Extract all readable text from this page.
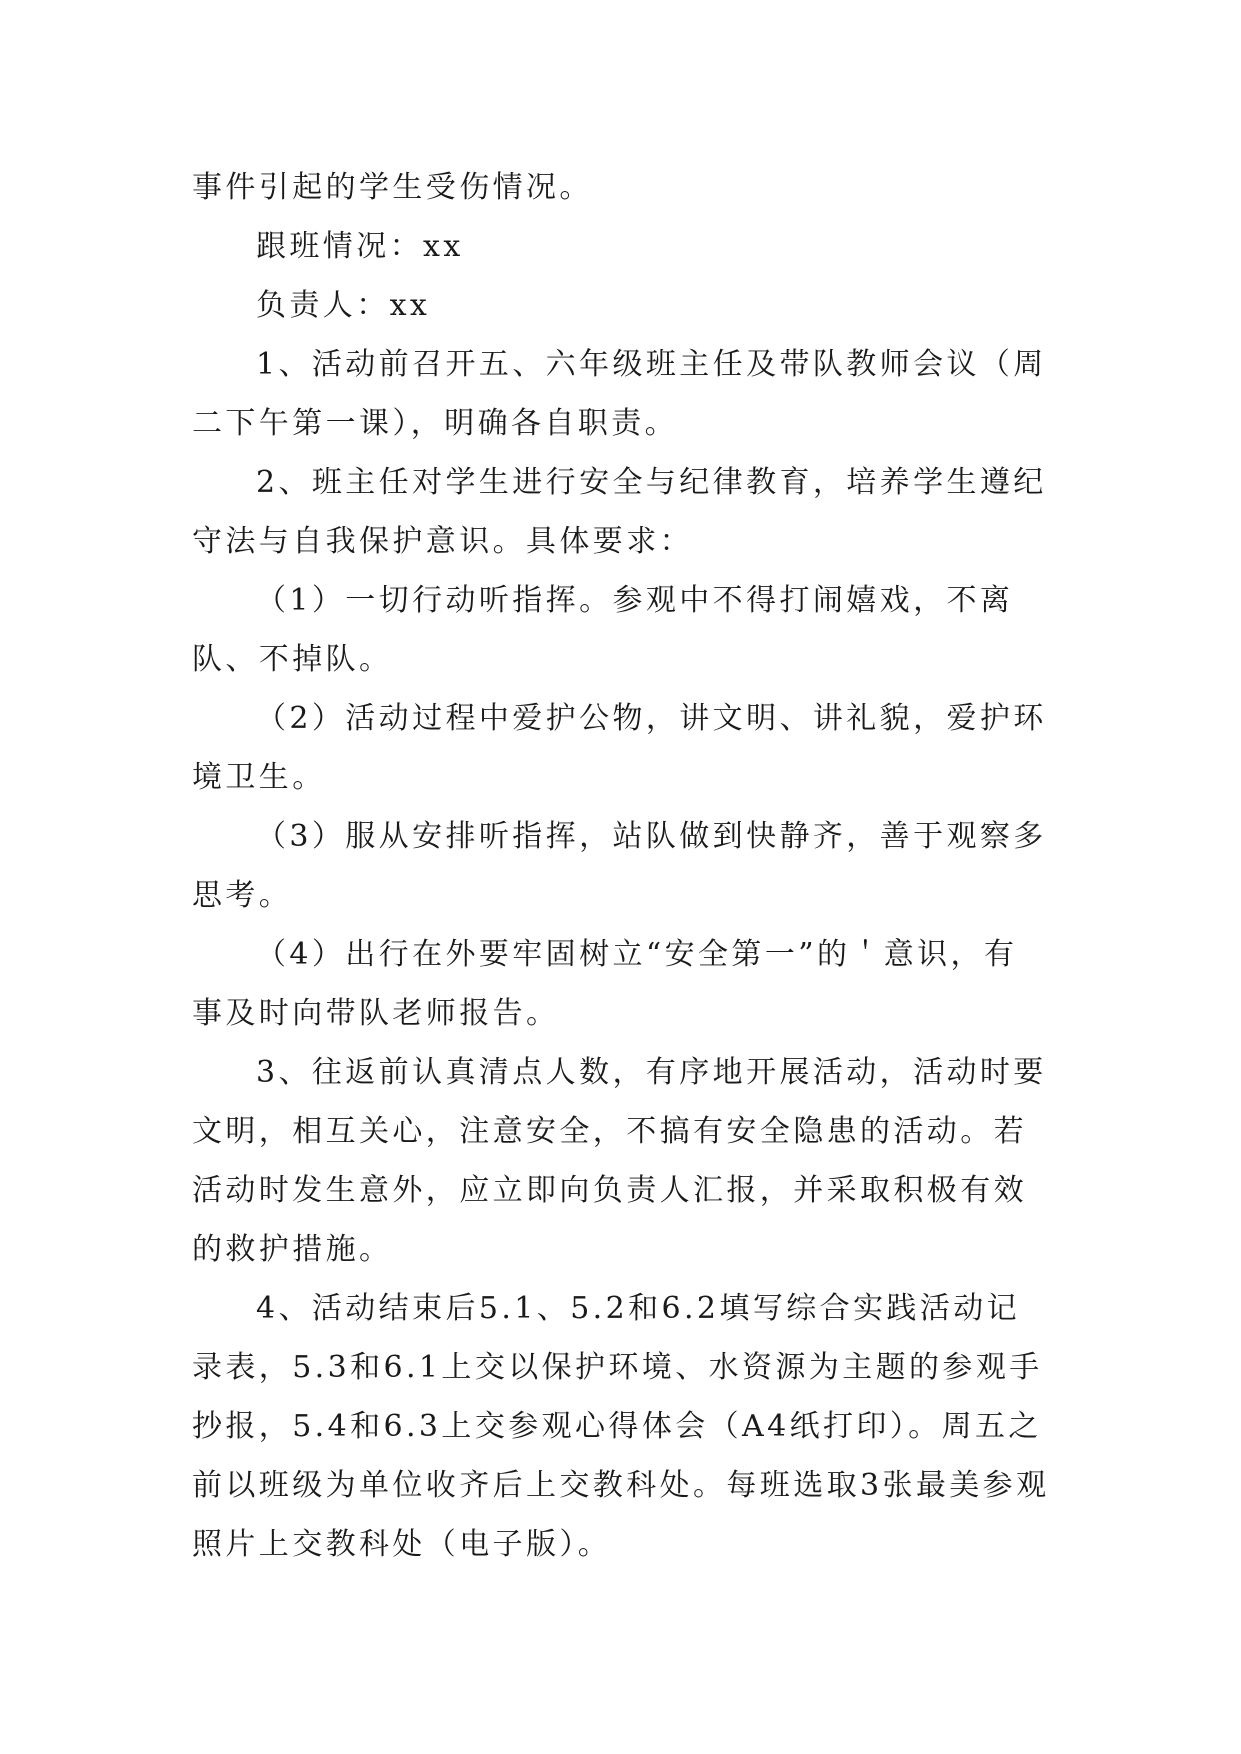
事件引起的学生受伤情况。

跟班情况：xx

负责人：xx

1、活动前召开五、六年级班主任及带队教师会议（周二下午第一课），明确各自职责。

2、班主任对学生进行安全与纪律教育，培养学生遵纪守法与自我保护意识。具体要求：

（1）一切行动听指挥。参观中不得打闹嬉戏，不离队、不掉队。

（2）活动过程中爱护公物，讲文明、讲礼貌，爱护环境卫生。

（3）服从安排听指挥，站队做到快静齐，善于观察多思考。

（4）出行在外要牢固树立“安全第一”的＇意识，有事及时向带队老师报告。

3、往返前认真清点人数，有序地开展活动，活动时要文明，相互关心，注意安全，不搞有安全隐患的活动。若活动时发生意外，应立即向负责人汇报，并采取积极有效的救护措施。

4、活动结束后5.1、5.2和6.2填写综合实践活动记录表，5.3和6.1上交以保护环境、水资源为主题的参观手抄报，5.4和6.3上交参观心得体会（A4纸打印）。周五之前以班级为单位收齐后上交教科处。每班选取3张最美参观照片上交教科处（电子版）。
